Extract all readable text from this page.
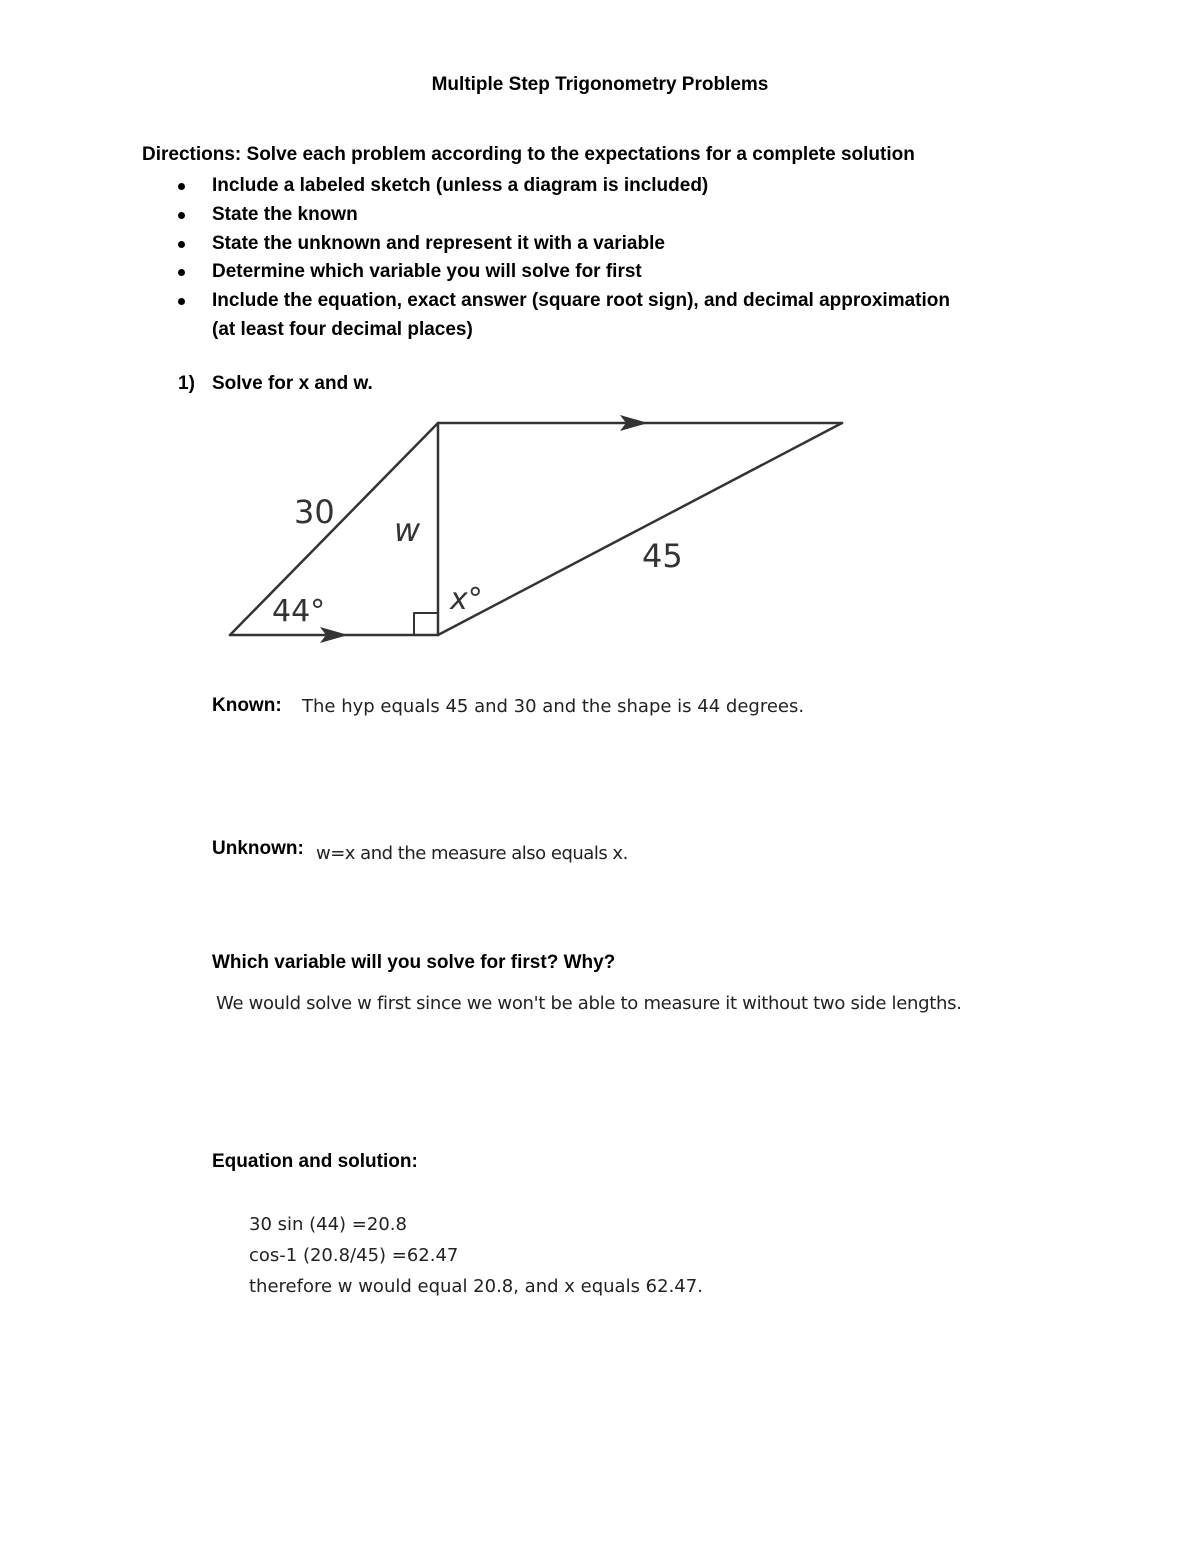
Multiple Step Trigonometry Problems
Directions: Solve each problem according to the expectations for a complete solution
Include a labeled sketch (unless a diagram is included)
State the known
State the unknown and represent it with a variable
Determine which variable you will solve for first
Include the equation, exact answer (square root sign), and decimal approximation
(at least four decimal places)
1) Solve for x and w.
30 w
45
44°	x°
Known: The hyp equals 45 and 30 and the shape is 44 degrees.
Unknown: w=x and the measure also equals x.
Which variable will you solve for first? Why?
We would solve w first since we won't be able to measure it without two side lengths.
Equation and solution:
30 sin (44) =20.8
cos-1 (20.8/45) =62.47
therefore w would equal 20.8, and x equals 62.47.
